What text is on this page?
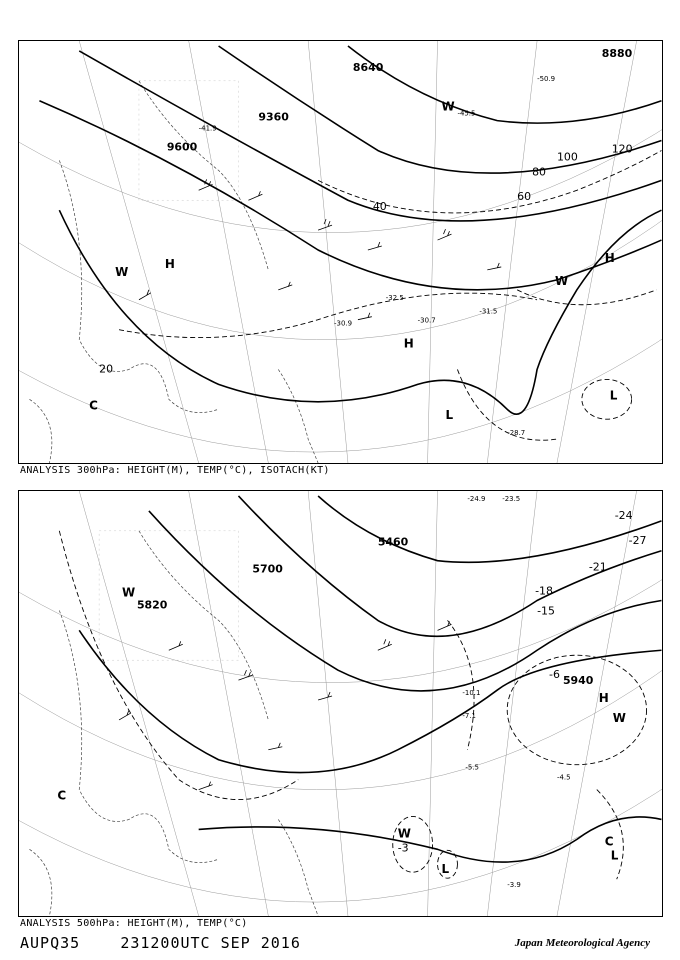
9600
9360
8880
8640
20
40
60
80
100
120
H
H
H
L
L
C
W
W
W
-31.5
-30.7
-30.9
-32.5
-28.7
-41.9
-50.9
-45.5
ANALYSIS 300hPa: HEIGHT(M), TEMP(°C), ISOTACH(KT)
5700
5940
5460
5820
-3
-6
-15
-18
-21
-24
-27
H
L
L
C
C
W
W
W
-5.5
-4.5
-3.9
-7.1
-10.1
-24.9 -23.5
ANALYSIS 500hPa: HEIGHT(M), TEMP(°C)
AUPQ35	231200UTC SEP 2016	Japan Meteorological Agency
